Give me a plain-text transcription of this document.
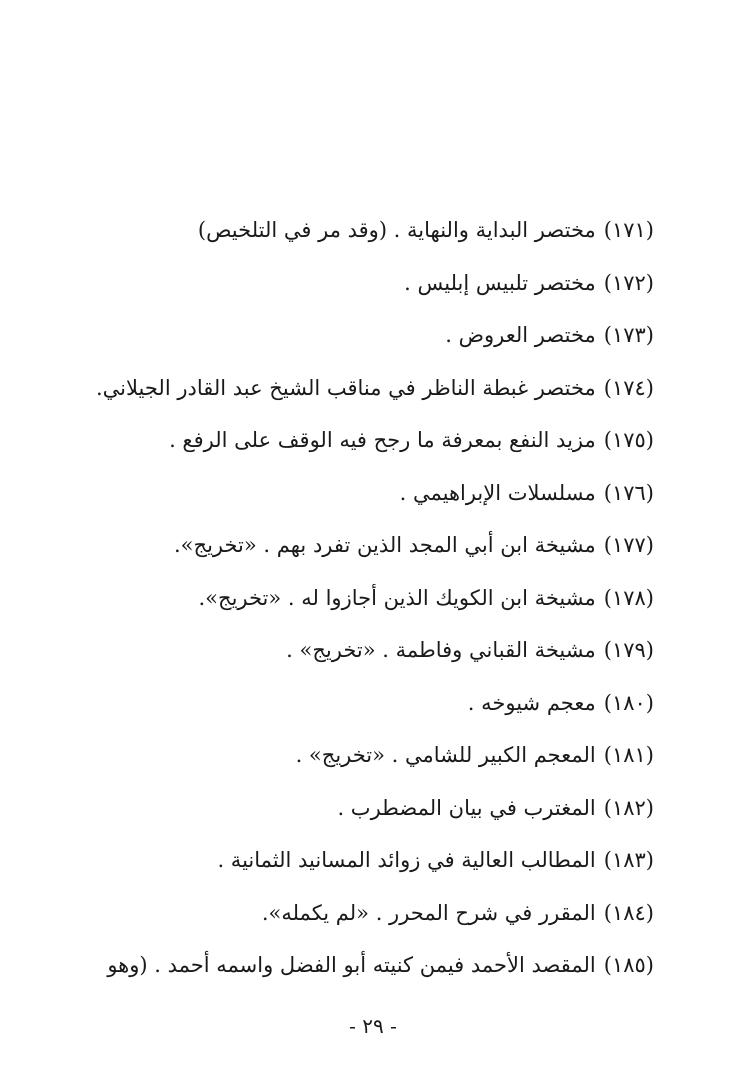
(١٧١)مختصر البداية والنهاية . (وقد مر في التلخيص)
(١٧٢)مختصر تلبيس إبليس .
(١٧٣)مختصر العروض .
(١٧٤)مختصر غبطة الناظر في مناقب الشيخ عبد القادر الجيلاني.
(١٧٥)مزيد النفع بمعرفة ما رجح فيه الوقف على الرفع .
(١٧٦)مسلسلات الإبراهيمي .
(١٧٧)مشيخة ابن أبي المجد الذين تفرد بهم . «تخريج».
(١٧٨)مشيخة ابن الكويك الذين أجازوا له . «تخريج».
(١٧٩)مشيخة القباني وفاطمة . «تخريج» .
(١٨٠)معجم شيوخه .
(١٨١)المعجم الكبير للشامي . «تخريج» .
(١٨٢)المغترب في بيان المضطرب .
(١٨٣)المطالب العالية في زوائد المسانيد الثمانية .
(١٨٤)المقرر في شرح المحرر . «لم يكمله».
(١٨٥)المقصد الأحمد فيمن كنيته أبو الفضل واسمه أحمد . (وهو
- ٢٩ -
